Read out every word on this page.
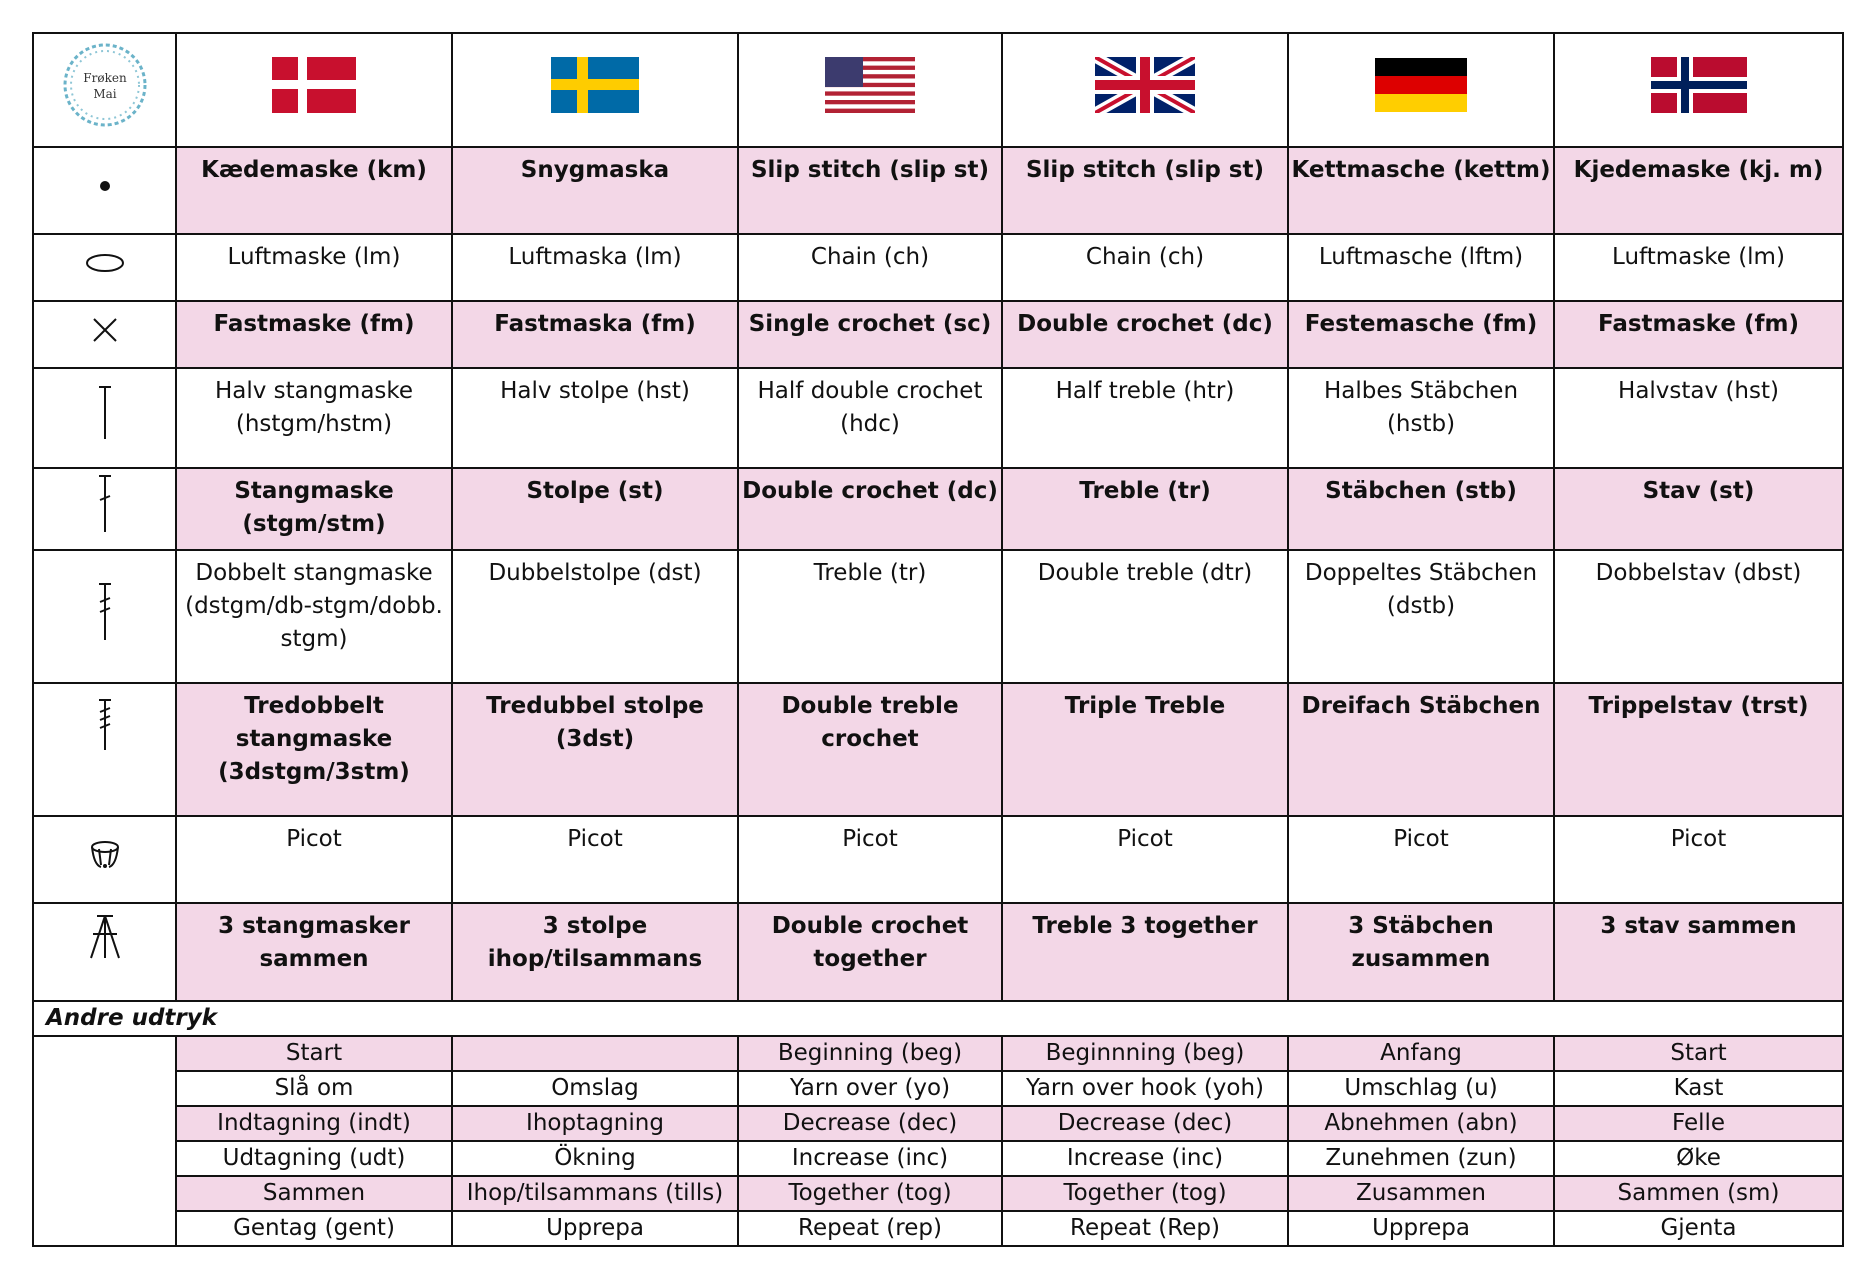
Frøken
Mai

	Kædemaske (km)	Snygmaska	Slip stitch (slip st)	Slip stitch (slip st)	Kettmasche (kettm)	Kjedemaske (kj. m)
	Luftmaske (lm)	Luftmaska (lm)	Chain (ch)	Chain (ch)	Luftmasche (lftm)	Luftmaske (lm)
	Fastmaske (fm)	Fastmaska (fm)	Single crochet (sc)	Double crochet (dc)	Festemasche (fm)	Fastmaske (fm)
	Halv stangmaske (hstgm/hstm)	Halv stolpe (hst)	Half double crochet (hdc)	Half treble (htr)	Halbes Stäbchen (hstb)	Halvstav (hst)
	Stangmaske (stgm/stm)	Stolpe (st)	Double crochet (dc)	Treble (tr)	Stäbchen (stb)	Stav (st)
	Dobbelt stangmaske (dstgm/db-stgm/dobb. stgm)	Dubbelstolpe (dst)	Treble (tr)	Double treble (dtr)	Doppeltes Stäbchen (dstb)	Dobbelstav (dbst)
	Tredobbelt stangmaske (3dstgm/3stm)	Tredubbel stolpe (3dst)	Double treble crochet	Triple Treble	Dreifach Stäbchen	Trippelstav (trst)
	Picot	Picot	Picot	Picot	Picot	Picot
	3 stangmasker sammen	3 stolpe ihop/tilsammans	Double crochet together	Treble 3 together	3 Stäbchen zusammen	3 stav sammen
Andre udtryk						
	Start		Beginning (beg)	Beginnning (beg)	Anfang	Start
	Slå om	Omslag	Yarn over (yo)	Yarn over hook (yoh)	Umschlag (u)	Kast
	Indtagning (indt)	Ihoptagning	Decrease (dec)	Decrease (dec)	Abnehmen (abn)	Felle
	Udtagning (udt)	Ökning	Increase (inc)	Increase (inc)	Zunehmen (zun)	Øke
	Sammen	Ihop/tilsammans (tills)	Together (tog)	Together (tog)	Zusammen	Sammen (sm)
	Gentag (gent)	Upprepa	Repeat (rep)	Repeat (Rep)	Upprepa	Gjenta
